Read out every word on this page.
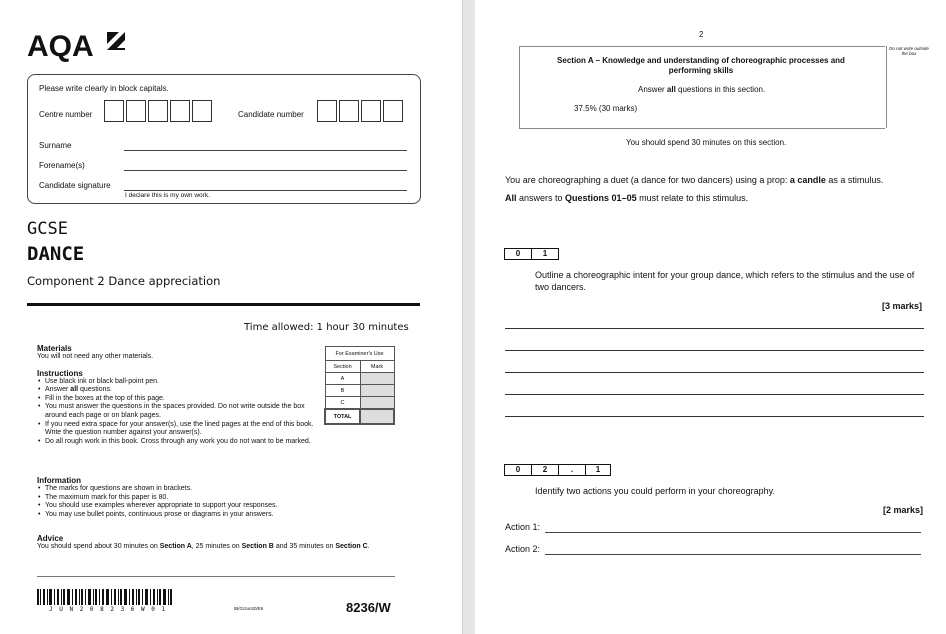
AQA
Please write clearly in block capitals.
Centre number	Candidate number
Surname
Forename(s)
Candidate signature
I declare this is my own work.
GCSE
DANCE
Component 2 Dance appreciation
Time allowed: 1 hour 30 minutes
Materials
You will not need any other materials.
Instructions
• Use black ink or black ball-point pen.
• Answer all questions.
• Fill in the boxes at the top of this page.
• You must answer the questions in the spaces provided. Do not write outside the box around each page or on blank pages.
• If you need extra space for your answer(s), use the lined pages at the end of this book. Write the question number against your answer(s).
• Do all rough work in this book. Cross through any work you do not want to be marked.
Information
• The marks for questions are shown in brackets.
• The maximum mark for this paper is 80.
• You should use examples wherever appropriate to support your responses.
• You may use bullet points, continuous prose or diagrams in your answers.
Advice
You should spend about 30 minutes on Section A, 25 minutes on Section B and 35 minutes on Section C.
For Examiner's Use	
Section	Mark
A	
B	
C	
TOTAL	
J U N 2 0 8 2 3 6 W 0 1	IB/G/Jun20/E6	8236/W
2
Do not write outside the box
Section A – Knowledge and understanding of choreographic processes and performing skills
Answer all questions in this section.
37.5% (30 marks)
You should spend 30 minutes on this section.
You are choreographing a duet (a dance for two dancers) using a prop: a candle as a stimulus.
All answers to Questions 01–05 must relate to this stimulus.
0	1
Outline a choreographic intent for your group dance, which refers to the stimulus and the use of two dancers.
[3 marks]
0	2	.	1
Identify two actions you could perform in your choreography.
[2 marks]
Action 1:
Action 2:
